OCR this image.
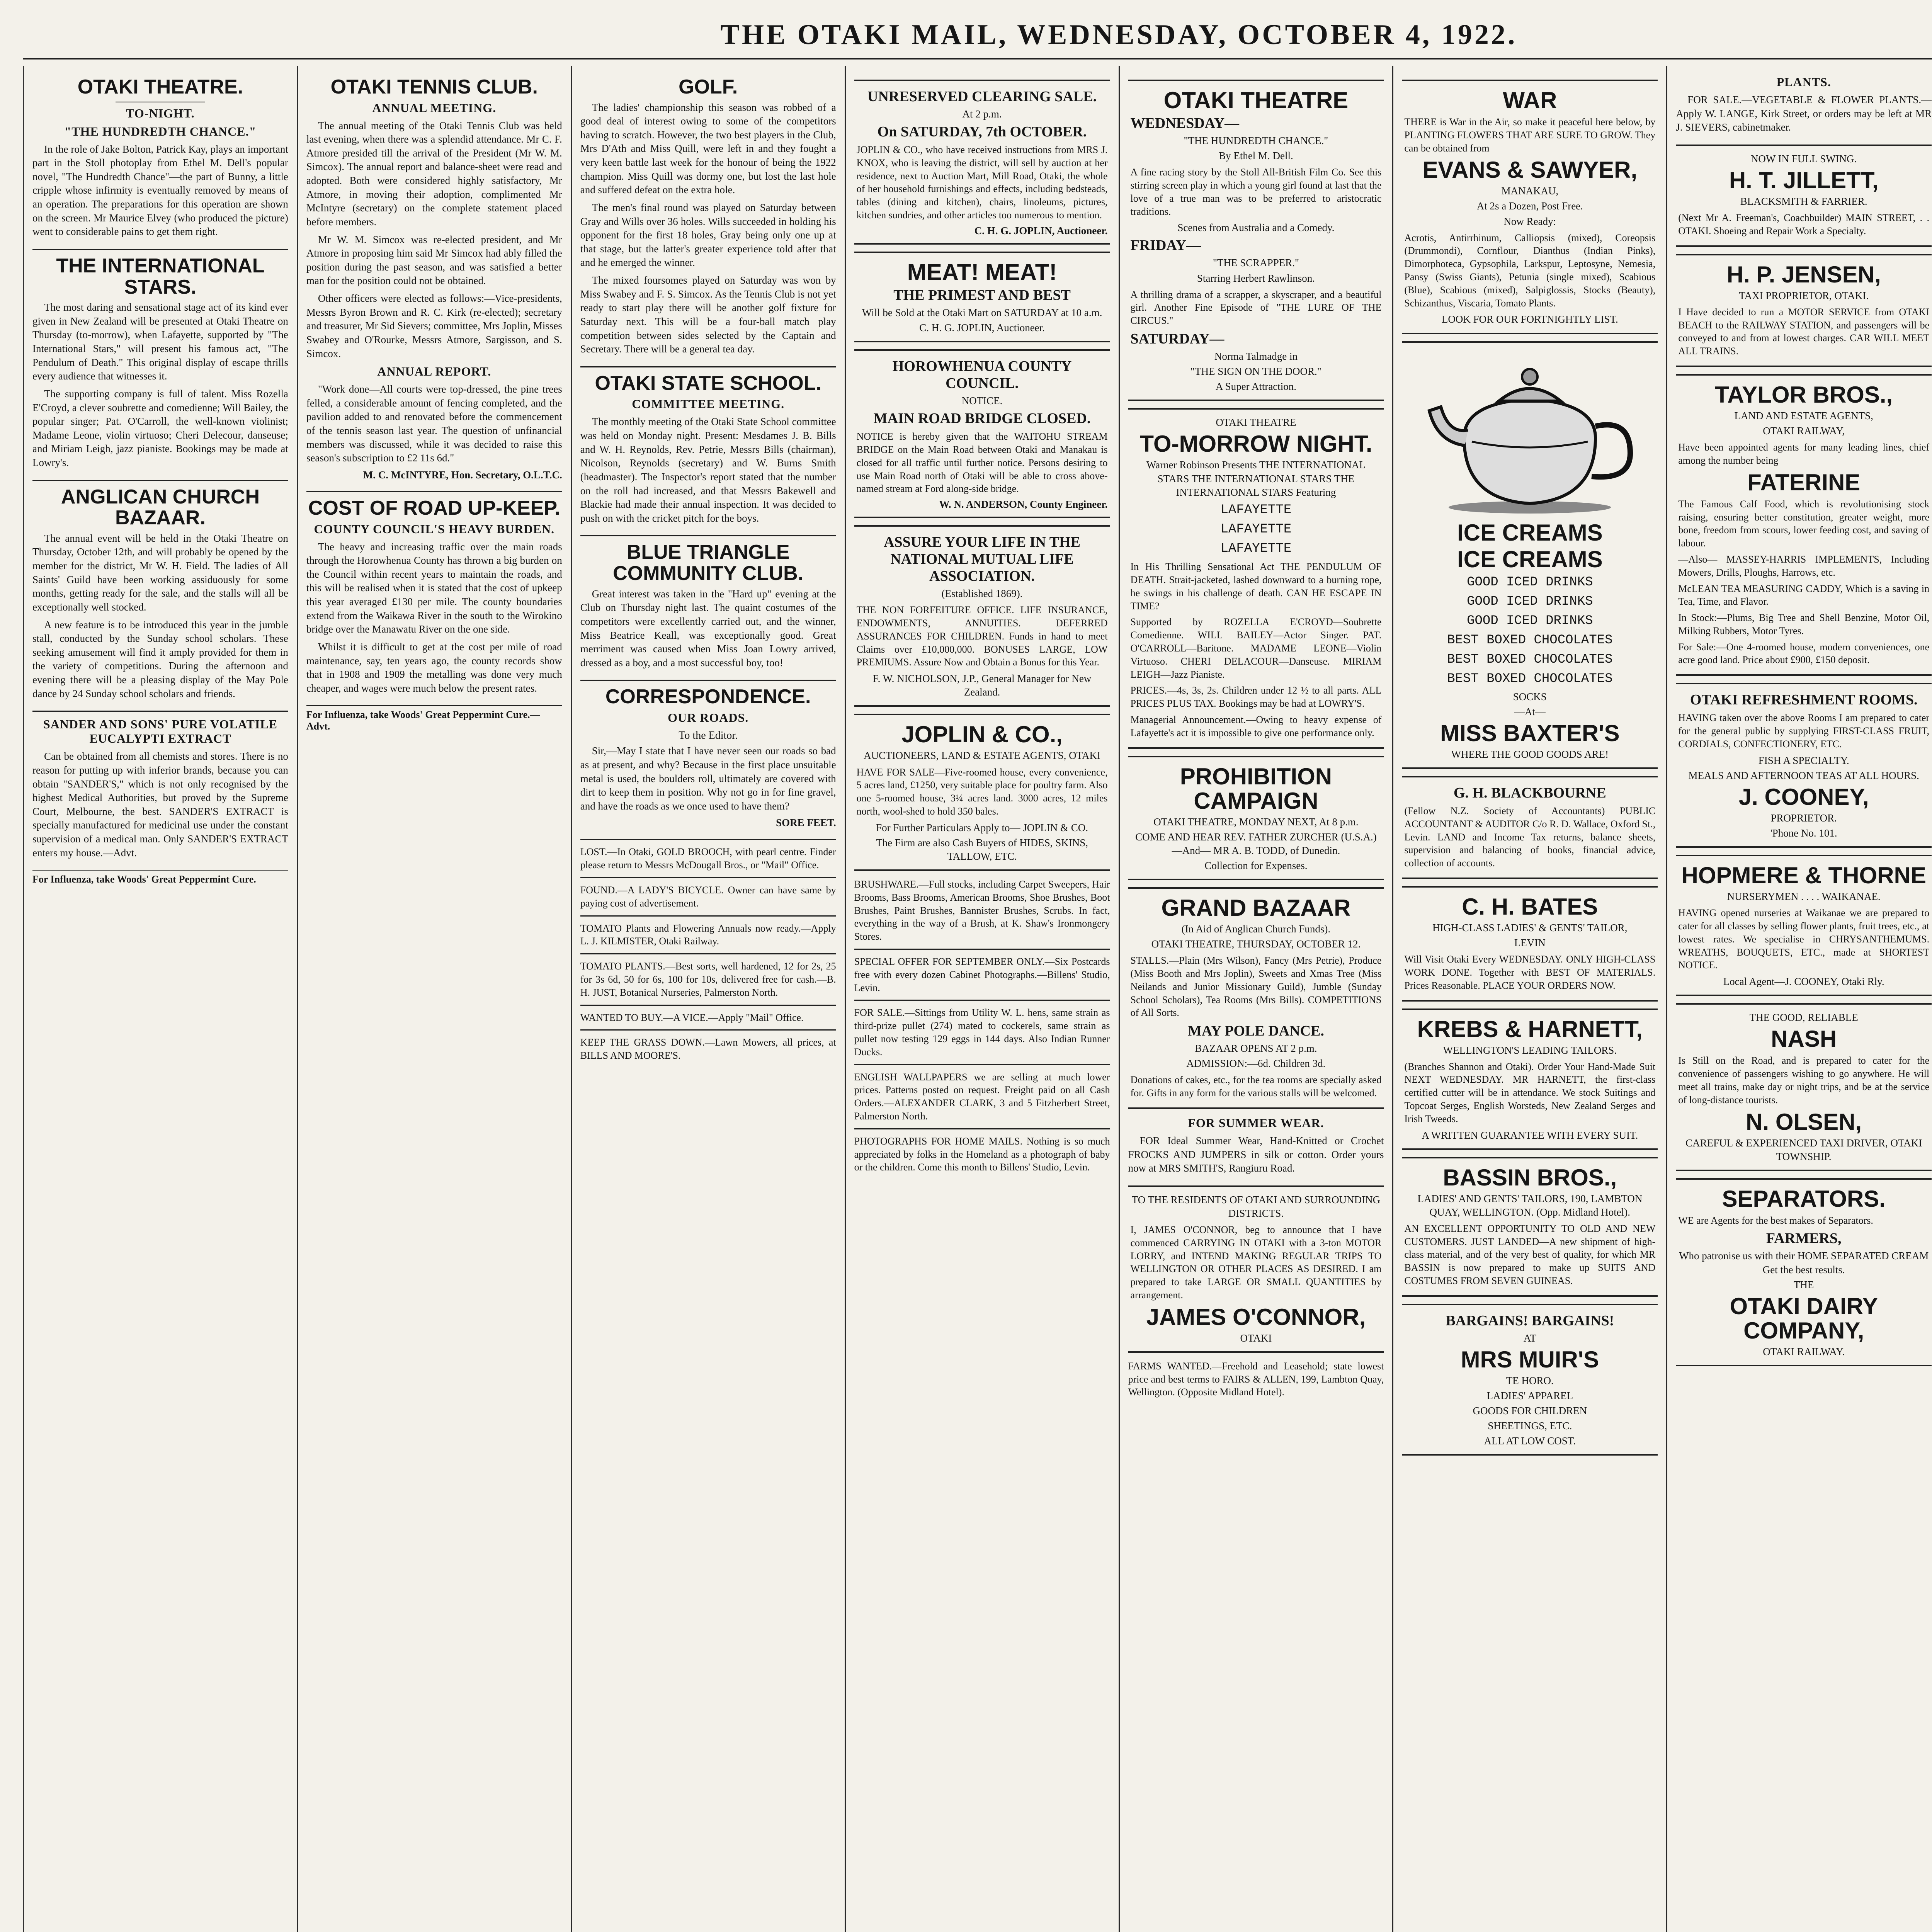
THE OTAKI MAIL, WEDNESDAY, OCTOBER 4, 1922.
OTAKI THEATRE.
TO-NIGHT.
"THE HUNDREDTH CHANCE."

In the role of Jake Bolton, Patrick Kay, plays an important part in the Stoll photoplay from Ethel M. Dell's popular novel, "The Hundredth Chance"—the part of Bunny, a little cripple whose infirmity is eventually removed by means of an operation. The preparations for this operation are shown on the screen. Mr Maurice Elvey (who produced the picture) went to considerable pains to get them right.

THE INTERNATIONAL STARS.

The most daring and sensational stage act of its kind ever given in New Zealand will be presented at Otaki Theatre on Thursday (to-morrow), when Lafayette, supported by "The International Stars," will present his famous act, "The Pendulum of Death." This original display of escape thrills every audience that witnesses it.

The supporting company is full of talent. Miss Rozella E'Croyd, a clever soubrette and comedienne; Will Bailey, the popular singer; Pat. O'Carroll, the well-known violinist; Madame Leone, violin virtuoso; Cheri Delecour, danseuse; and Miriam Leigh, jazz pianiste. Bookings may be made at Lowry's.

ANGLICAN CHURCH BAZAAR.

The annual event will be held in the Otaki Theatre on Thursday, October 12th, and will probably be opened by the member for the district, Mr W. H. Field. The ladies of All Saints' Guild have been working assiduously for some months, getting ready for the sale, and the stalls will all be exceptionally well stocked.

A new feature is to be introduced this year in the jumble stall, conducted by the Sunday school scholars. These seeking amusement will find it amply provided for them in the variety of competitions. During the afternoon and evening there will be a pleasing display of the May Pole dance by 24 Sunday school scholars and friends.

SANDER AND SONS' PURE VOLATILE EUCALYPTI EXTRACT

Can be obtained from all chemists and stores. There is no reason for putting up with inferior brands, because you can obtain "SANDER'S," which is not only recognised by the highest Medical Authorities, but proved by the Supreme Court, Melbourne, the best. SANDER'S EXTRACT is specially manufactured for medicinal use under the constant supervision of a medical man. Only SANDER'S EXTRACT enters my house.—Advt.

For Influenza, take Woods' Great Peppermint Cure.
OTAKI TENNIS CLUB.
ANNUAL MEETING.

The annual meeting of the Otaki Tennis Club was held last evening, when there was a splendid attendance. Mr C. F. Atmore presided till the arrival of the President (Mr W. M. Simcox). The annual report and balance-sheet were read and adopted. Both were considered highly satisfactory, Mr Atmore, in moving their adoption, complimented Mr McIntyre (secretary) on the complete statement placed before members.

Mr W. M. Simcox was re-elected president, and Mr Atmore in proposing him said Mr Simcox had ably filled the position during the past season, and was satisfied a better man for the position could not be obtained.

Other officers were elected as follows:—Vice-presidents, Messrs Byron Brown and R. C. Kirk (re-elected); secretary and treasurer, Mr Sid Sievers; committee, Mrs Joplin, Misses Swabey and O'Rourke, Messrs Atmore, Sargisson, and S. Simcox.

ANNUAL REPORT.

"Work done—All courts were top-dressed, the pine trees felled, a considerable amount of fencing completed, and the pavilion added to and renovated before the commencement of the tennis season last year. The question of unfinancial members was discussed, while it was decided to raise this season's subscription to £2 11s 6d."

M. C. McINTYRE, Hon. Secretary, O.L.T.C.
COST OF ROAD UP-KEEP.
COUNTY COUNCIL'S HEAVY BURDEN.

The heavy and increasing traffic over the main roads through the Horowhenua County has thrown a big burden on the Council within recent years to maintain the roads, and this will be realised when it is stated that the cost of upkeep this year averaged £130 per mile. The county boundaries extend from the Waikawa River in the south to the Wirokino bridge over the Manawatu River on the one side.

Whilst it is difficult to get at the cost per mile of road maintenance, say, ten years ago, the county records show that in 1908 and 1909 the metalling was done very much cheaper, and wages were much below the present rates.

For Influenza, take Woods' Great Peppermint Cure.—Advt.
GOLF.

The ladies' championship this season was robbed of a good deal of interest owing to some of the competitors having to scratch. However, the two best players in the Club, Mrs D'Ath and Miss Quill, were left in and they fought a very keen battle last week for the honour of being the 1922 champion. Miss Quill was dormy one, but lost the last hole and suffered defeat on the extra hole.

The men's final round was played on Saturday between Gray and Wills over 36 holes. Wills succeeded in holding his opponent for the first 18 holes, Gray being only one up at that stage, but the latter's greater experience told after that and he emerged the winner.

The mixed foursomes played on Saturday was won by Miss Swabey and F. S. Simcox. As the Tennis Club is not yet ready to start play there will be another golf fixture for Saturday next. This will be a four-ball match play competition between sides selected by the Captain and Secretary. There will be a general tea day.

OTAKI STATE SCHOOL.
COMMITTEE MEETING.

The monthly meeting of the Otaki State School committee was held on Monday night. Present: Mesdames J. B. Bills and W. H. Reynolds, Rev. Petrie, Messrs Bills (chairman), Nicolson, Reynolds (secretary) and W. Burns Smith (headmaster). The Inspector's report stated that the number on the roll had increased, and that Messrs Bakewell and Blackie had made their annual inspection. It was decided to push on with the cricket pitch for the boys.

BLUE TRIANGLE COMMUNITY CLUB.

Great interest was taken in the "Hard up" evening at the Club on Thursday night last. The quaint costumes of the competitors were excellently carried out, and the winner, Miss Beatrice Keall, was exceptionally good. Great merriment was caused when Miss Joan Lowry arrived, dressed as a boy, and a most successful boy, too!

CORRESPONDENCE.
OUR ROADS.
To the Editor.

Sir,—May I state that I have never seen our roads so bad as at present, and why? Because in the first place unsuitable metal is used, the boulders roll, ultimately are covered with dirt to keep them in position. Why not go in for fine gravel, and have the roads as we once used to have them?

SORE FEET.

LOST.—In Otaki, GOLD BROOCH, with pearl centre. Finder please return to Messrs McDougall Bros., or "Mail" Office.

FOUND.—A LADY'S BICYCLE. Owner can have same by paying cost of advertisement.

TOMATO Plants and Flowering Annuals now ready.—Apply L. J. KILMISTER, Otaki Railway.

TOMATO PLANTS.—Best sorts, well hardened, 12 for 2s, 25 for 3s 6d, 50 for 6s, 100 for 10s, delivered free for cash.—B. H. JUST, Botanical Nurseries, Palmerston North.

WANTED TO BUY.—A VICE.—Apply "Mail" Office.

KEEP THE GRASS DOWN.—Lawn Mowers, all prices, at BILLS AND MOORE'S.

UNRESERVED CLEARING SALE.
At 2 p.m.
On SATURDAY, 7th OCTOBER.

JOPLIN & CO., who have received instructions from MRS J. KNOX, who is leaving the district, will sell by auction at her residence, next to Auction Mart, Mill Road, Otaki, the whole of her household furnishings and effects, including bedsteads, tables (dining and kitchen), chairs, linoleums, pictures, kitchen sundries, and other articles too numerous to mention.

C. H. G. JOPLIN, Auctioneer.
MEAT! MEAT!
THE PRIMEST AND BEST
Will be Sold at the Otaki Mart on SATURDAY at 10 a.m.
C. H. G. JOPLIN, Auctioneer.
HOROWHENUA COUNTY COUNCIL.
NOTICE.
MAIN ROAD BRIDGE CLOSED.

NOTICE is hereby given that the WAITOHU STREAM BRIDGE on the Main Road between Otaki and Manakau is closed for all traffic until further notice. Persons desiring to use Main Road north of Otaki will be able to cross above-named stream at Ford along-side bridge.

W. N. ANDERSON, County Engineer.
ASSURE YOUR LIFE IN THE NATIONAL MUTUAL LIFE ASSOCIATION.
(Established 1869).

THE NON FORFEITURE OFFICE. LIFE INSURANCE, ENDOWMENTS, ANNUITIES. DEFERRED ASSURANCES FOR CHILDREN. Funds in hand to meet Claims over £10,000,000. BONUSES LARGE, LOW PREMIUMS. Assure Now and Obtain a Bonus for this Year.

F. W. NICHOLSON, J.P., General Manager for New Zealand.
JOPLIN & CO.,
AUCTIONEERS, LAND & ESTATE AGENTS, OTAKI

HAVE FOR SALE—Five-roomed house, every convenience, 5 acres land, £1250, very suitable place for poultry farm. Also one 5-roomed house, 3¼ acres land. 3000 acres, 12 miles north, wool-shed to hold 350 bales.

For Further Particulars Apply to— JOPLIN & CO.
The Firm are also Cash Buyers of HIDES, SKINS, TALLOW, ETC.

BRUSHWARE.—Full stocks, including Carpet Sweepers, Hair Brooms, Bass Brooms, American Brooms, Shoe Brushes, Boot Brushes, Paint Brushes, Bannister Brushes, Scrubs. In fact, everything in the way of a Brush, at K. Shaw's Ironmongery Stores.

SPECIAL OFFER FOR SEPTEMBER ONLY.—Six Postcards free with every dozen Cabinet Photographs.—Billens' Studio, Levin.

FOR SALE.—Sittings from Utility W. L. hens, same strain as third-prize pullet (274) mated to cockerels, same strain as pullet now testing 129 eggs in 144 days. Also Indian Runner Ducks.

ENGLISH WALLPAPERS we are selling at much lower prices. Patterns posted on request. Freight paid on all Cash Orders.—ALEXANDER CLARK, 3 and 5 Fitzherbert Street, Palmerston North.

PHOTOGRAPHS FOR HOME MAILS. Nothing is so much appreciated by folks in the Homeland as a photograph of baby or the children. Come this month to Billens' Studio, Levin.

OTAKI THEATRE
WEDNESDAY—
"THE HUNDREDTH CHANCE."
By Ethel M. Dell.

A fine racing story by the Stoll All-British Film Co. See this stirring screen play in which a young girl found at last that the love of a true man was to be preferred to aristocratic traditions.

Scenes from Australia and a Comedy.
FRIDAY—
"THE SCRAPPER."
Starring Herbert Rawlinson.

A thrilling drama of a scrapper, a skyscraper, and a beautiful girl. Another Fine Episode of "THE LURE OF THE CIRCUS."

SATURDAY—
Norma Talmadge in
"THE SIGN ON THE DOOR."
A Super Attraction.
OTAKI THEATRE
TO-MORROW NIGHT.
Warner Robinson Presents THE INTERNATIONAL STARS THE INTERNATIONAL STARS THE INTERNATIONAL STARS Featuring
LAFAYETTE
LAFAYETTE
LAFAYETTE

In His Thrilling Sensational Act THE PENDULUM OF DEATH. Strait-jacketed, lashed downward to a burning rope, he swings in his challenge of death. CAN HE ESCAPE IN TIME?

Supported by ROZELLA E'CROYD—Soubrette Comedienne. WILL BAILEY—Actor Singer. PAT. O'CARROLL—Baritone. MADAME LEONE—Violin Virtuoso. CHERI DELACOUR—Danseuse. MIRIAM LEIGH—Jazz Pianiste.

PRICES.—4s, 3s, 2s. Children under 12 ½ to all parts. ALL PRICES PLUS TAX. Bookings may be had at LOWRY'S.

Managerial Announcement.—Owing to heavy expense of Lafayette's act it is impossible to give one performance only.

PROHIBITION CAMPAIGN
OTAKI THEATRE, MONDAY NEXT, At 8 p.m.
COME AND HEAR REV. FATHER ZURCHER (U.S.A.) —And— MR A. B. TODD, of Dunedin.
Collection for Expenses.
GRAND BAZAAR
(In Aid of Anglican Church Funds).
OTAKI THEATRE, THURSDAY, OCTOBER 12.

STALLS.—Plain (Mrs Wilson), Fancy (Mrs Petrie), Produce (Miss Booth and Mrs Joplin), Sweets and Xmas Tree (Miss Neilands and Junior Missionary Guild), Jumble (Sunday School Scholars), Tea Rooms (Mrs Bills). COMPETITIONS of All Sorts.

MAY POLE DANCE.
BAZAAR OPENS AT 2 p.m.
ADMISSION:—6d. Children 3d.

Donations of cakes, etc., for the tea rooms are specially asked for. Gifts in any form for the various stalls will be welcomed.

FOR SUMMER WEAR.

FOR Ideal Summer Wear, Hand-Knitted or Crochet FROCKS AND JUMPERS in silk or cotton. Order yours now at MRS SMITH'S, Rangiuru Road.

TO THE RESIDENTS OF OTAKI AND SURROUNDING DISTRICTS.

I, JAMES O'CONNOR, beg to announce that I have commenced CARRYING IN OTAKI with a 3-ton MOTOR LORRY, and INTEND MAKING REGULAR TRIPS TO WELLINGTON OR OTHER PLACES AS DESIRED. I am prepared to take LARGE OR SMALL QUANTITIES by arrangement.

JAMES O'CONNOR,
OTAKI

FARMS WANTED.—Freehold and Leasehold; state lowest price and best terms to FAIRS & ALLEN, 199, Lambton Quay, Wellington. (Opposite Midland Hotel).

WAR

THERE is War in the Air, so make it peaceful here below, by PLANTING FLOWERS THAT ARE SURE TO GROW. They can be obtained from

EVANS & SAWYER,
MANAKAU,
At 2s a Dozen, Post Free.
Now Ready:

Acrotis, Antirrhinum, Calliopsis (mixed), Coreopsis (Drummondi), Cornflour, Dianthus (Indian Pinks), Dimorphoteca, Gypsophila, Larkspur, Leptosyne, Nemesia, Pansy (Swiss Giants), Petunia (single mixed), Scabious (Blue), Scabious (mixed), Salpiglossis, Stocks (Beauty), Schizanthus, Viscaria, Tomato Plants.

LOOK FOR OUR FORTNIGHTLY LIST.
ICE CREAMS
ICE CREAMS
GOOD ICED DRINKS
GOOD ICED DRINKS
GOOD ICED DRINKS
BEST BOXED CHOCOLATES
BEST BOXED CHOCOLATES
BEST BOXED CHOCOLATES
SOCKS
—At—
MISS BAXTER'S
WHERE THE GOOD GOODS ARE!
G. H. BLACKBOURNE

(Fellow N.Z. Society of Accountants) PUBLIC ACCOUNTANT & AUDITOR C/o R. D. Wallace, Oxford St., Levin. LAND and Income Tax returns, balance sheets, supervision and balancing of books, financial advice, collection of accounts.

C. H. BATES
HIGH-CLASS LADIES' & GENTS' TAILOR,
LEVIN

Will Visit Otaki Every WEDNESDAY. ONLY HIGH-CLASS WORK DONE. Together with BEST OF MATERIALS. Prices Reasonable. PLACE YOUR ORDERS NOW.

KREBS & HARNETT,
WELLINGTON'S LEADING TAILORS.

(Branches Shannon and Otaki). Order Your Hand-Made Suit NEXT WEDNESDAY. MR HARNETT, the first-class certified cutter will be in attendance. We stock Suitings and Topcoat Serges, English Worsteds, New Zealand Serges and Irish Tweeds.

A WRITTEN GUARANTEE WITH EVERY SUIT.
BASSIN BROS.,
LADIES' AND GENTS' TAILORS, 190, LAMBTON QUAY, WELLINGTON. (Opp. Midland Hotel).

AN EXCELLENT OPPORTUNITY TO OLD AND NEW CUSTOMERS. JUST LANDED—A new shipment of high-class material, and of the very best of quality, for which MR BASSIN is now prepared to make up SUITS AND COSTUMES FROM SEVEN GUINEAS.

BARGAINS! BARGAINS!
AT
MRS MUIR'S
TE HORO.
LADIES' APPAREL
GOODS FOR CHILDREN
SHEETINGS, ETC.
ALL AT LOW COST.
PLANTS.

FOR SALE.—VEGETABLE & FLOWER PLANTS.—Apply W. LANGE, Kirk Street, or orders may be left at MR J. SIEVERS, cabinetmaker.

NOW IN FULL SWING.
H. T. JILLETT,
BLACKSMITH & FARRIER.

(Next Mr A. Freeman's, Coachbuilder) MAIN STREET, . . OTAKI. Shoeing and Repair Work a Specialty.

H. P. JENSEN,
TAXI PROPRIETOR, OTAKI.

I Have decided to run a MOTOR SERVICE from OTAKI BEACH to the RAILWAY STATION, and passengers will be conveyed to and from at lowest charges. CAR WILL MEET ALL TRAINS.

TAYLOR BROS.,
LAND AND ESTATE AGENTS,
OTAKI RAILWAY,

Have been appointed agents for many leading lines, chief among the number being

FATERINE

The Famous Calf Food, which is revolutionising stock raising, ensuring better constitution, greater weight, more bone, freedom from scours, lower feeding cost, and saving of labour.

—Also— MASSEY-HARRIS IMPLEMENTS, Including Mowers, Drills, Ploughs, Harrows, etc.

McLEAN TEA MEASURING CADDY, Which is a saving in Tea, Time, and Flavor.

In Stock:—Plums, Big Tree and Shell Benzine, Motor Oil, Milking Rubbers, Motor Tyres.

For Sale:—One 4-roomed house, modern conveniences, one acre good land. Price about £900, £150 deposit.

OTAKI REFRESHMENT ROOMS.

HAVING taken over the above Rooms I am prepared to cater for the general public by supplying FIRST-CLASS FRUIT, CORDIALS, CONFECTIONERY, ETC.

FISH A SPECIALTY.
MEALS AND AFTERNOON TEAS AT ALL HOURS.
J. COONEY,
PROPRIETOR.
'Phone No. 101.
HOPMERE & THORNE
NURSERYMEN . . . . WAIKANAE.

HAVING opened nurseries at Waikanae we are prepared to cater for all classes by selling flower plants, fruit trees, etc., at lowest rates. We specialise in CHRYSANTHEMUMS. WREATHS, BOUQUETS, ETC., made at SHORTEST NOTICE.

Local Agent—J. COONEY, Otaki Rly.
THE GOOD, RELIABLE
NASH

Is Still on the Road, and is prepared to cater for the convenience of passengers wishing to go anywhere. He will meet all trains, make day or night trips, and be at the service of long-distance tourists.

N. OLSEN,
CAREFUL & EXPERIENCED TAXI DRIVER, OTAKI TOWNSHIP.
SEPARATORS.

WE are Agents for the best makes of Separators.

FARMERS,
Who patronise us with their HOME SEPARATED CREAM Get the best results.
THE
OTAKI DAIRY COMPANY,
OTAKI RAILWAY.
